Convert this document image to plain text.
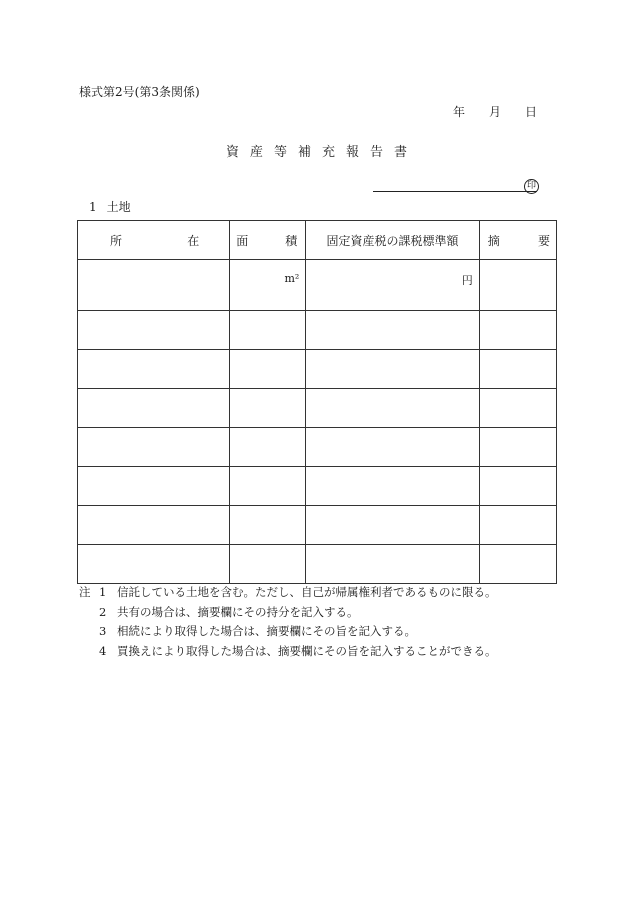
様式第2号(第3条関係)
年	月	日
資産等補充報告書
印
1 土地
所 在	面 積	固定資産税の課税標準額	摘 要

	m²	円	

注 1 信託している土地を含む。ただし、自己が帰属権利者であるものに限る。
2 共有の場合は、摘要欄にその持分を記入する。
3 相続により取得した場合は、摘要欄にその旨を記入する。
4 買換えにより取得した場合は、摘要欄にその旨を記入することができる。
